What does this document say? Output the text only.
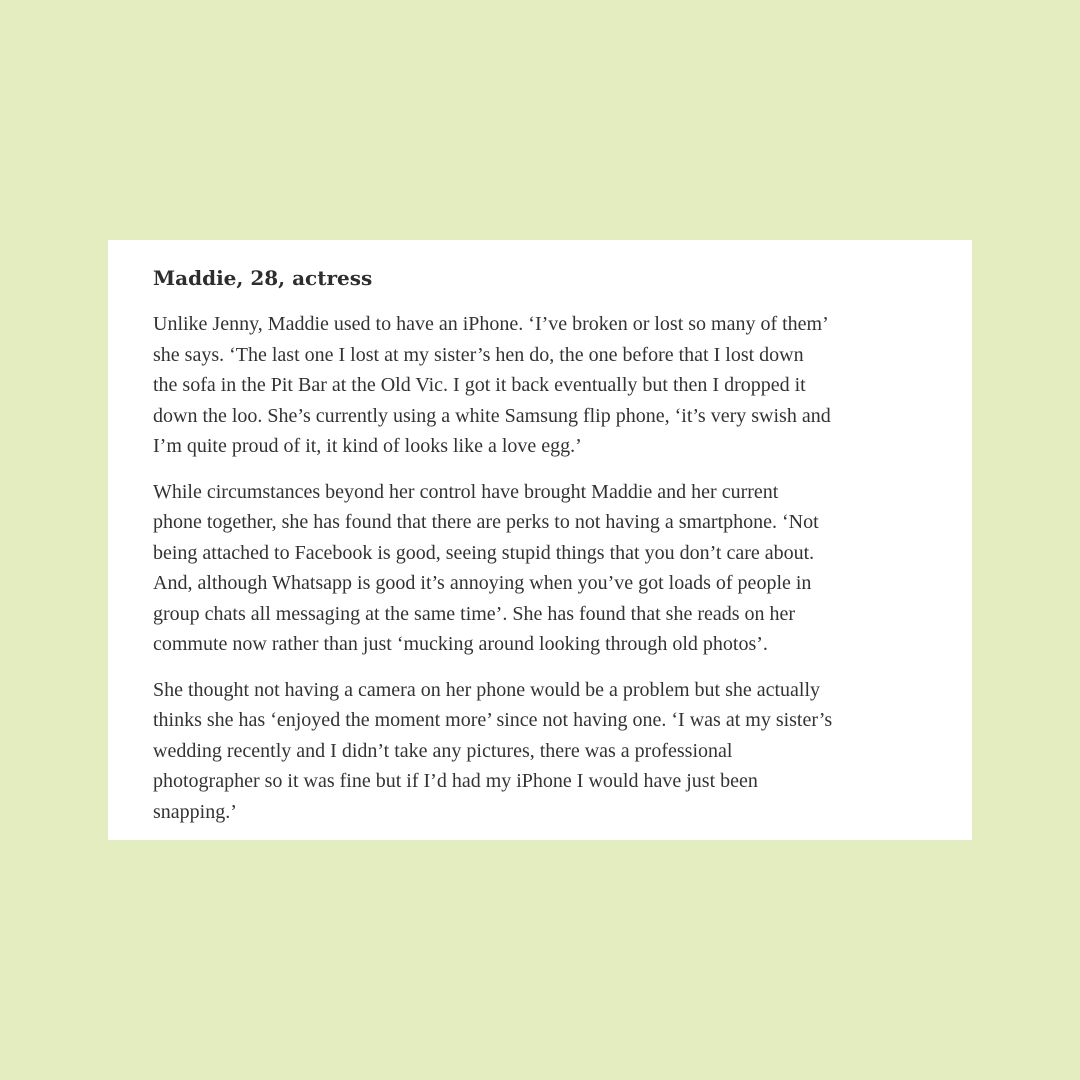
Maddie, 28, actress

Unlike Jenny, Maddie used to have an iPhone. ‘I’ve broken or lost so many of them’
she says. ‘The last one I lost at my sister’s hen do, the one before that I lost down
the sofa in the Pit Bar at the Old Vic. I got it back eventually but then I dropped it
down the loo. She’s currently using a white Samsung flip phone, ‘it’s very swish and
I’m quite proud of it, it kind of looks like a love egg.’

While circumstances beyond her control have brought Maddie and her current
phone together, she has found that there are perks to not having a smartphone. ‘Not
being attached to Facebook is good, seeing stupid things that you don’t care about.
And, although Whatsapp is good it’s annoying when you’ve got loads of people in
group chats all messaging at the same time’. She has found that she reads on her
commute now rather than just ‘mucking around looking through old photos’.

She thought not having a camera on her phone would be a problem but she actually
thinks she has ‘enjoyed the moment more’ since not having one. ‘I was at my sister’s
wedding recently and I didn’t take any pictures, there was a professional
photographer so it was fine but if I’d had my iPhone I would have just been
snapping.’
